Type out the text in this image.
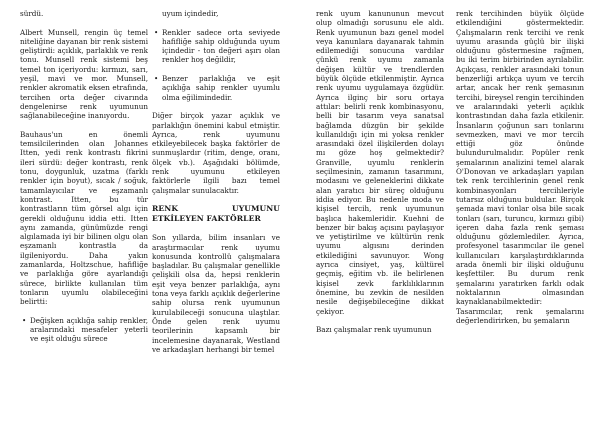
sürdü.

Albert Munsell, rengin üç temel niteliğine dayanan bir renk sistemi geliştirdi: açıklık, parlaklık ve renk tonu. Munsell renk sistemi beş temel ton içeriyordu: kırmızı, sarı, yeşil, mavi ve mor. Munsell, renkler akromatik eksen etrafında, tercihen orta değer civarında dengelenirse renk uyumunun sağlanabileceğine inanıyordu.

Bauhaus'un en önemli temsilcilerinden olan Johannes Itten, yedi renk kontrastı fikrini ileri sürdü: değer kontrastı, renk tonu, doygunluk, uzatma (farklı renkler için boyut), sıcak / soğuk, tamamlayıcılar ve eşzamanlı kontrast. Itten, bu tür kontrastların tüm görsel algı için gerekli olduğunu iddia etti. Itten aynı zamanda, günümüzde rengi algılamada iyi bir bilinen olgu olan eşzamanlı kontrastla da ilgileniyordu. Daha yakın zamanlarda, Holtzschue, hafifliğe ve parlaklığa göre ayarlandığı sürece, birlikte kullanılan tüm tonların uyumlu olabileceğini belirtti:

• Değişken açıklığa sahip renkler, aralarındaki mesafeler yeterli ve eşit olduğu sürece

uyum içindedir,

• Renkler sadece orta seviyede hafifliğe sahip olduğunda uyum içindedir - ton değeri aşırı olan renkler hoş değildir,
• Benzer parlaklığa ve eşit açıklığa sahip renkler uyumlu olma eğilimindedir.

Diğer birçok yazar açıklık ve parlaklığın önemini kabul etmiştir. Ayrıca, renk uyumunu etkileyebilecek başka faktörler de sunmuşlardır (ritim, denge, oranı, ölçek vb.). Aşağıdaki bölümde, renk uyumunu etkileyen faktörlerle ilgili bazı temel çalışmalar sunulacaktır.

RENK UYUMUNU ETKİLEYEN FAKTÖRLER

Son yıllarda, bilim insanları ve araştırmacılar renk uyumu konusunda kontrollü çalışmalara başladılar. Bu çalışmalar genellikle çelişkili olsa da, hepsi renklerin eşit veya benzer parlaklığa, aynı tona veya farklı açıklık değerlerine sahip olursa renk uyumunun kurulabileceği sonucuna ulaştılar. Önde gelen renk uyumu teorilerinin kapsamlı bir incelemesine dayanarak, Westland ve arkadaşları herhangi bir temel

renk uyum kanununun mevcut olup olmadığı sorusunu ele aldı. Renk uyumunun bazı genel model veya kanunlara dayanarak tahmin edilemediği sonucuna vardılar çünkü renk uyumu zamanla değişen kültür ve trendlerden büyük ölçüde etkilenmiştir. Ayrıca renk uyumu uygulamaya özgüdür. Ayrıca ilginç bir soru ortaya attılar: belirli renk kombinasyonu, belli bir tasarım veya sanatsal bağlamda düzgün bir şekilde kullanıldığı için mi yoksa renkler arasındaki özel ilişkilerden dolayı mı göze hoş gelmektedir? Granville, uyumlu renklerin seçilmesinin, zamanın tasarımını, modasını ve geleneklerini dikkate alan yaratıcı bir süreç olduğunu iddia ediyor. Bu nedenle moda ve kişisel tercih, renk uyumunun başlıca hakemleridir. Kuehni de benzer bir bakış açısını paylaşıyor ve yetiştirilme ve kültürün renk uyumu algısını derinden etkilediğini savunuyor. Wong ayrıca cinsiyet, yaş, kültürel geçmiş, eğitim vb. ile belirlenen kişisel zevk farklılıklarının önemine, bu zevkin de nesilden nesile değişebileceğine dikkat çekiyor.

Bazı çalışmalar renk uyumunun

renk tercihinden büyük ölçüde etkilendiğini göstermektedir. Çalışmaların renk tercihi ve renk uyumu arasında güçlü bir ilişki olduğunu göstermesine rağmen, bu iki terim birbirinden ayrılabilir. Açıkçası, renkler arasındaki tonun benzerliği artıkça uyum ve tercih artar, ancak her renk şemasının tercihi, bireysel rengin tercihinden ve aralarındaki yeterli açıklık kontrastından daha fazla etkilenir. İnsanların çoğunun sarı tonlarını sevmezken, mavi ve mor tercih ettiği göz önünde bulundurulmalıdır. Popüler renk şemalarının analizini temel alarak O'Donovan ve arkadaşları yapılan tek renk tercihlerinin genel renk kombinasyonları tercihleriyle tutarsız olduğunu buldular. Birçok şemada mavi tonlar olsa bile sıcak tonları (sarı, turuncu, kırmızı gibi) içeren daha fazla renk şeması olduğunu gözlemlediler. Ayrıca, profesyonel tasarımcılar ile genel kullanıcıları karşılaştırdıklarında arada önemli bir ilişki olduğunu keşfettiler. Bu durum renk şemalarını yaratırken farklı odak noktalarının olmasından kaynaklanabilmektedir: Tasarımcılar, renk şemalarını değerlendirirken, bu şemaların
